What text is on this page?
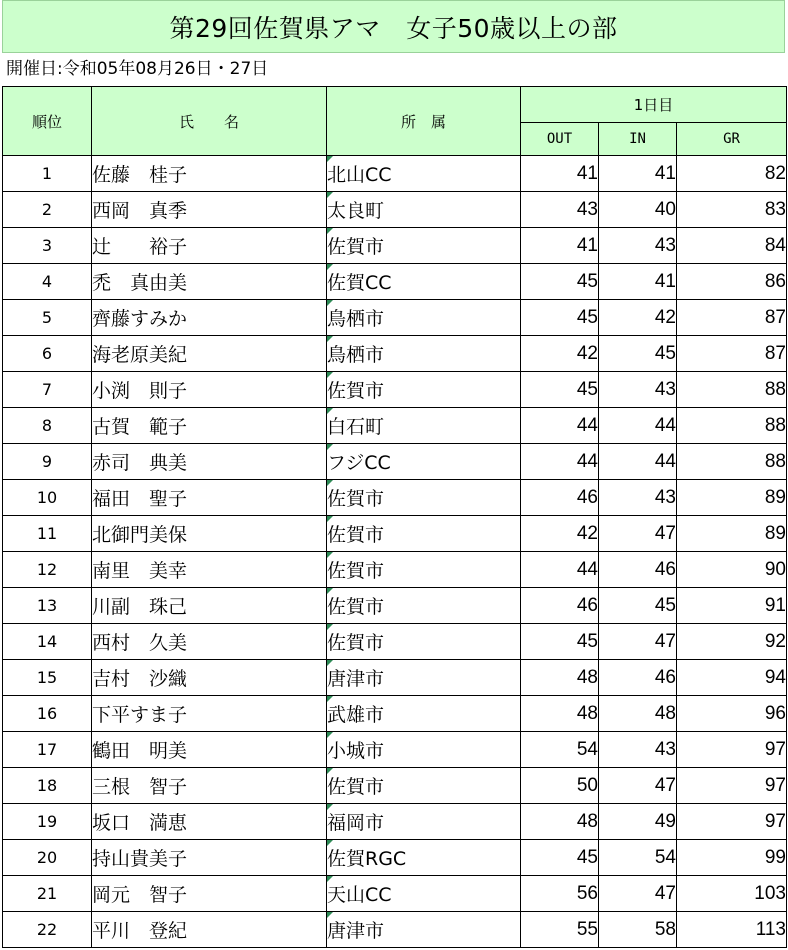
第29回佐賀県アマ　女子50歳以上の部
開催日:令和05年08月26日・27日
順位	氏　　名	所　属	1日目		
			OUT	IN	GR
1	佐藤　桂子	北山CC	41	41	82
2	西岡　真季	太良町	43	40	83
3	辻　　裕子	佐賀市	41	43	84
4	禿　真由美	佐賀CC	45	41	86
5	齊藤すみか	鳥栖市	45	42	87
6	海老原美紀	鳥栖市	42	45	87
7	小渕　則子	佐賀市	45	43	88
8	古賀　範子	白石町	44	44	88
9	赤司　典美	フジCC	44	44	88
10	福田　聖子	佐賀市	46	43	89
11	北御門美保	佐賀市	42	47	89
12	南里　美幸	佐賀市	44	46	90
13	川副　珠己	佐賀市	46	45	91
14	西村　久美	佐賀市	45	47	92
15	吉村　沙織	唐津市	48	46	94
16	下平すま子	武雄市	48	48	96
17	鶴田　明美	小城市	54	43	97
18	三根　智子	佐賀市	50	47	97
19	坂口　満恵	福岡市	48	49	97
20	持山貴美子	佐賀RGC	45	54	99
21	岡元　智子	天山CC	56	47	103
22	平川　登紀	唐津市	55	58	113
